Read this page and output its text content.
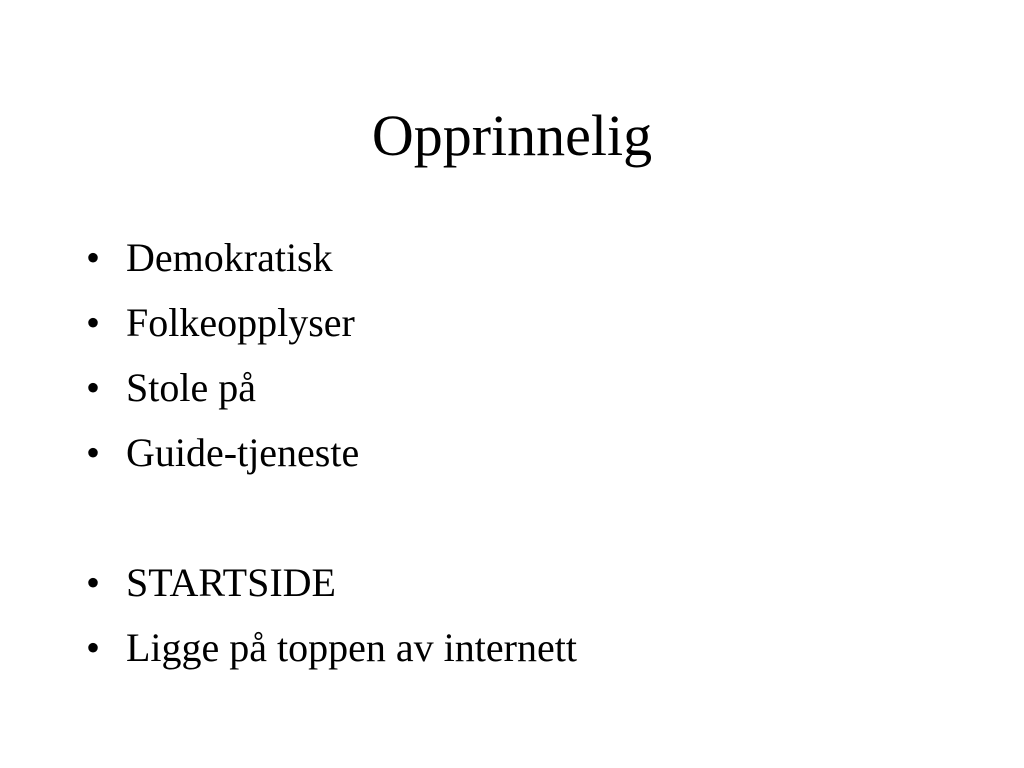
Opprinnelig
• Demokratisk
• Folkeopplyser
• Stole på
• Guide-tjeneste
• STARTSIDE
• Ligge på toppen av internett
